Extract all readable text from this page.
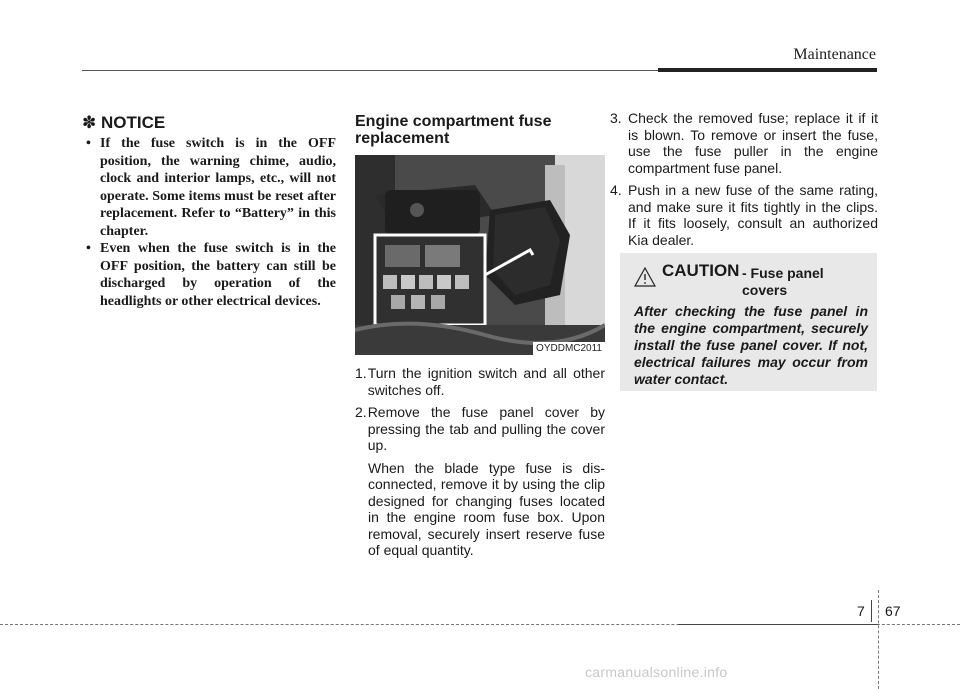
Maintenance
✽ NOTICE
• If the fuse switch is in the OFF position, the warning chime, audio, clock and interior lamps, etc., will not operate. Some items must be reset after replacement. Refer to “Battery” in this chapter.
• Even when the fuse switch is in the OFF position, the battery can still be discharged by operation of the headlights or other electrical devices.
Engine compartment fuse replacement
OYDDMC2011
1. Turn the ignition switch and all other switches off.
2. Remove the fuse panel cover by pressing the tab and pulling the cover up.
When the blade type fuse is dis-connected, remove it by using the clip designed for changing fuses located in the engine room fuse box. Upon removal, securely insert reserve fuse of equal quantity.
3. Check the removed fuse; replace it if it is blown. To remove or insert the fuse, use the fuse puller in the engine compartment fuse panel.
4. Push in a new fuse of the same rating, and make sure it fits tightly in the clips. If it fits loosely, consult an authorized Kia dealer.
CAUTION - Fuse panel covers
After checking the fuse panel in the engine compartment, securely install the fuse panel cover. If not, electrical failures may occur from water contact.
7 67
carmanualsonline.info
